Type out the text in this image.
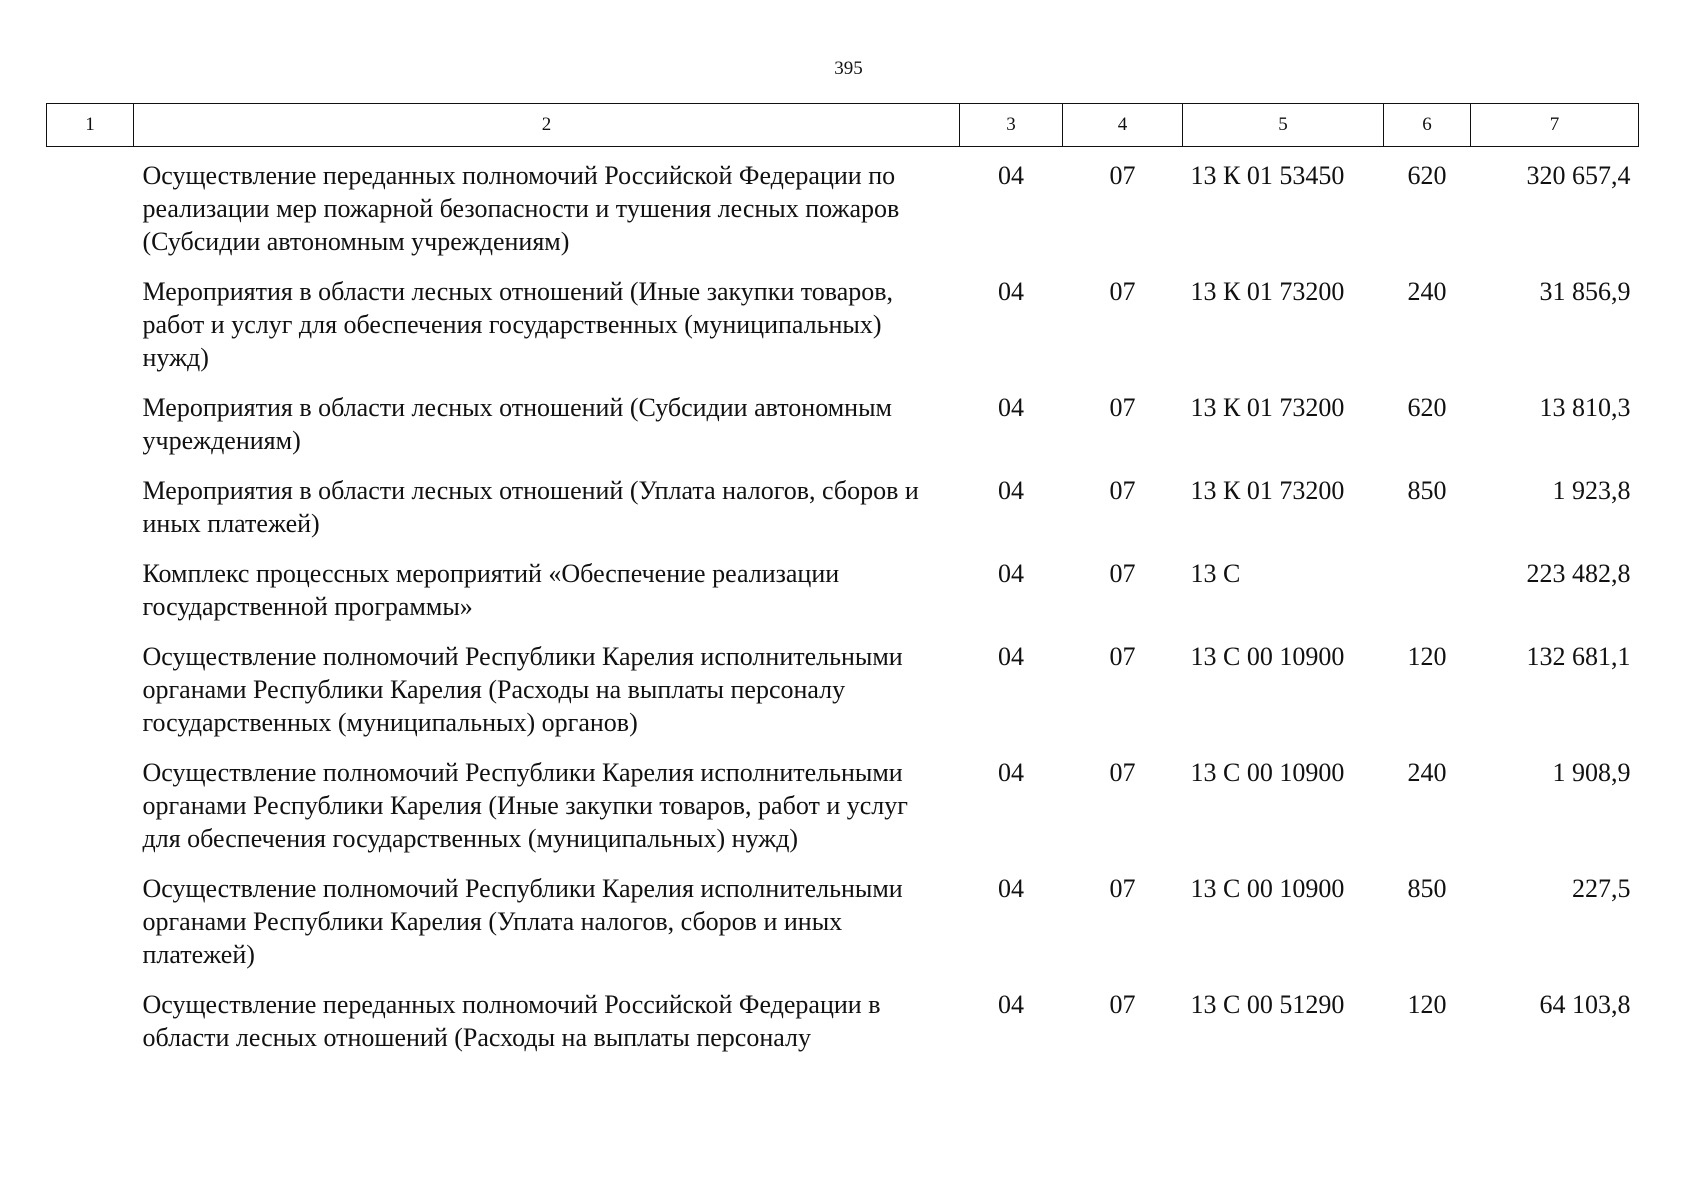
395
1	2	3	4	5	6	7
	Осуществление переданных полномочий Российской Федерации по реализации мер пожарной безопасности и тушения лесных пожаров (Субсидии автономным учреждениям)	04	07	13 К 01 53450	620	320 657,4
	Мероприятия в области лесных отношений (Иные закупки товаров, работ и услуг для обеспечения государственных (муниципальных) нужд)	04	07	13 К 01 73200	240	31 856,9
	Мероприятия в области лесных отношений (Субсидии автономным учреждениям)	04	07	13 К 01 73200	620	13 810,3
	Мероприятия в области лесных отношений (Уплата налогов, сборов и иных платежей)	04	07	13 К 01 73200	850	1 923,8
	Комплекс процессных мероприятий «Обеспечение реализации государственной программы»	04	07	13 С		223 482,8
	Осуществление полномочий Республики Карелия исполнительными органами Республики Карелия (Расходы на выплаты персоналу государственных (муниципальных) органов)	04	07	13 С 00 10900	120	132 681,1
	Осуществление полномочий Республики Карелия исполнительными органами Республики Карелия (Иные закупки товаров, работ и услуг для обеспечения государственных (муниципальных) нужд)	04	07	13 С 00 10900	240	1 908,9
	Осуществление полномочий Республики Карелия исполнительными органами Республики Карелия (Уплата налогов, сборов и иных платежей)	04	07	13 С 00 10900	850	227,5
	Осуществление переданных полномочий Российской Федерации в области лесных отношений (Расходы на выплаты персоналу	04	07	13 С 00 51290	120	64 103,8
